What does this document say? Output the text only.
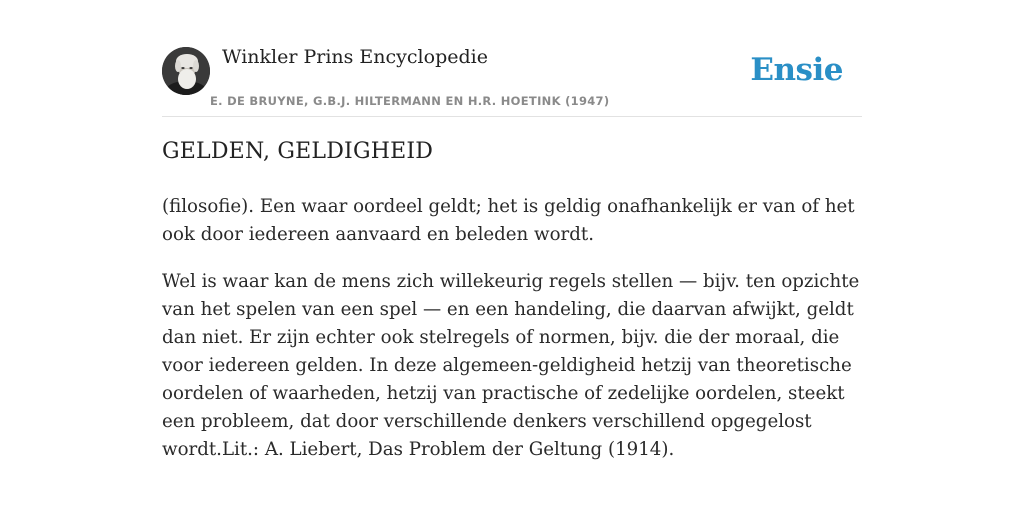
Winkler Prins Encyclopedie
E. DE BRUYNE, G.B.J. HILTERMANN EN H.R. HOETINK (1947)
Ensie
GELDEN, GELDIGHEID

(filosofie). Een waar oordeel geldt; het is geldig onafhankelijk er van of het ook door iedereen aanvaard en beleden wordt.

Wel is waar kan de mens zich willekeurig regels stellen — bijv. ten opzichte van het spelen van een spel — en een handeling, die daarvan afwijkt, geldt dan niet. Er zijn echter ook stelregels of normen, bijv. die der moraal, die voor iedereen gelden. In deze algemeen-geldigheid hetzij van theoretische oordelen of waarheden, hetzij van practische of zedelijke oordelen, steekt een probleem, dat door verschillende denkers verschillend opgegelost wordt.Lit.: A. Liebert, Das Problem der Geltung (1914).
